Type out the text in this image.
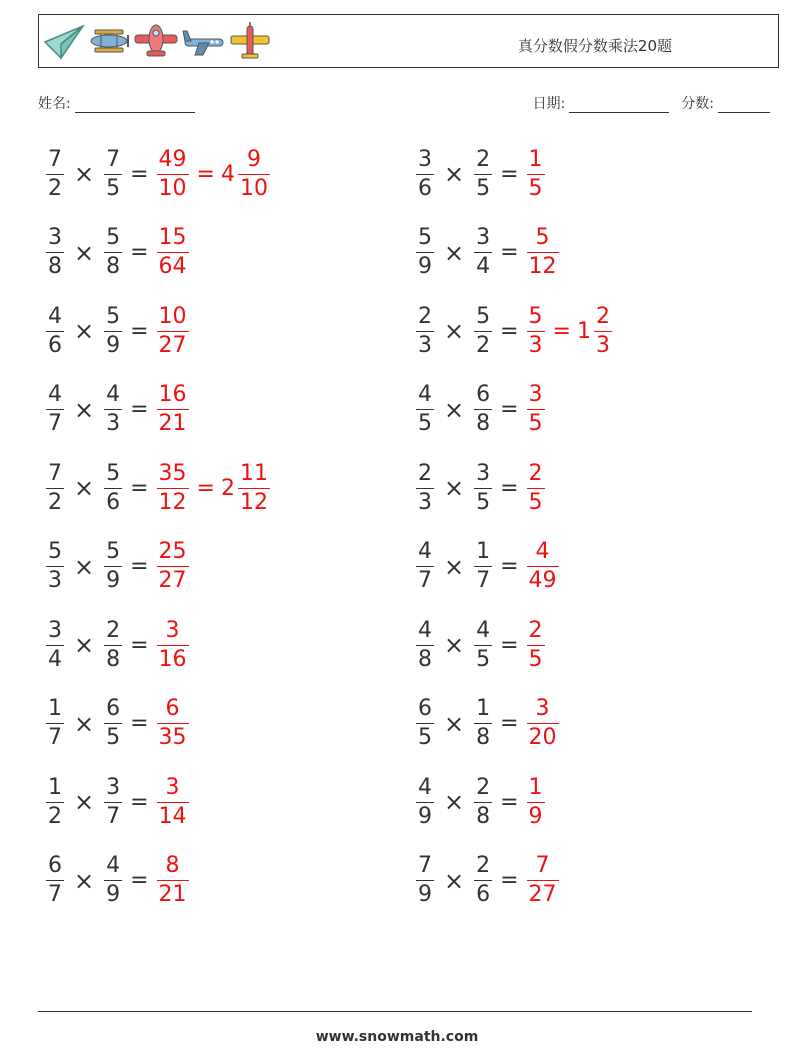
真分数假分数乘法20题
姓名:	日期:	分数:
$\frac{7}{2} \times \frac{7}{5} = \frac{49}{10} = 4 \frac{9}{10}$	$\frac{3}{6} \times \frac{2}{5} = \frac{1}{5}$
$\frac{3}{8} \times \frac{5}{8} = \frac{15}{64}$	$\frac{5}{9} \times \frac{3}{4} = \frac{5}{12}$
$\frac{4}{6} \times \frac{5}{9} = \frac{10}{27}$	$\frac{2}{3} \times \frac{5}{2} = \frac{5}{3} = 1 \frac{2}{3}$
$\frac{4}{7} \times \frac{4}{3} = \frac{16}{21}$	$\frac{4}{5} \times \frac{6}{8} = \frac{3}{5}$
$\frac{7}{2} \times \frac{5}{6} = \frac{35}{12} = 2 \frac{11}{12}$	$\frac{2}{3} \times \frac{3}{5} = \frac{2}{5}$
$\frac{5}{3} \times \frac{5}{9} = \frac{25}{27}$	$\frac{4}{7} \times \frac{1}{7} = \frac{4}{49}$
$\frac{3}{4} \times \frac{2}{8} = \frac{3}{16}$	$\frac{4}{8} \times \frac{4}{5} = \frac{2}{5}$
$\frac{1}{7} \times \frac{6}{5} = \frac{6}{35}$	$\frac{6}{5} \times \frac{1}{8} = \frac{3}{20}$
$\frac{1}{2} \times \frac{3}{7} = \frac{3}{14}$	$\frac{4}{9} \times \frac{2}{8} = \frac{1}{9}$
$\frac{6}{7} \times \frac{4}{9} = \frac{8}{21}$	$\frac{7}{9} \times \frac{2}{6} = \frac{7}{27}$
www.snowmath.com
